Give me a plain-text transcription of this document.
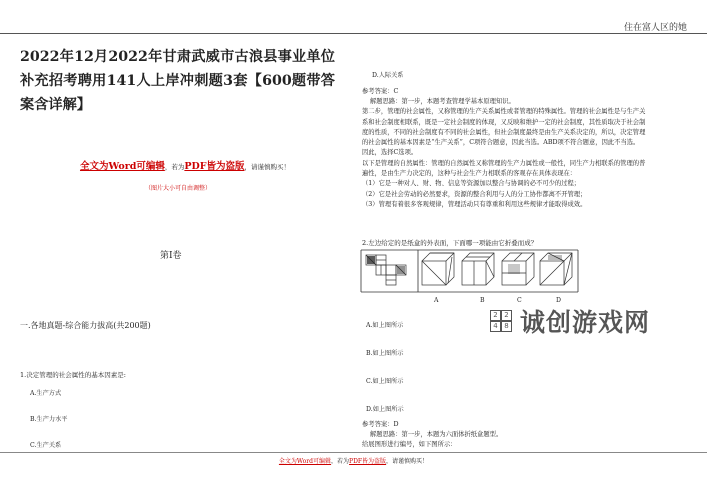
住在富人区的她
2022年12月2022年甘肃武威市古浪县事业单位补充招考聘用141人上岸冲刺题3套【600题带答案含详解】
全文为Word可编辑，若为PDF皆为盗版，请谨慎购买！
（图片大小可自由调整）
第I卷
一.各地真题-综合能力拔高(共200题)
1.决定管理的社会属性的基本因素是:
A.生产方式
B.生产力水平
C.生产关系
D.人际关系
参考答案：C
解题思路：第一步，本题考查管理学基本原理知识。
第二步，管理的社会属性，又称管理的生产关系属性或者管理的特殊属性。管理的社会属性是与生产关
系和社会制度相联系，既是一定社会制度的体现，又反映和维护一定的社会制度，其性质取决于社会制
度的性质，不同的社会制度有不同的社会属性，但社会制度最终是由生产关系决定的，所以，决定管理
的社会属性的基本因素是“生产关系”，C项符合题意，因此当选。ABD项不符合题意，因此不当选。
因此，选择C选项。
以下是管理的自然属性：管理的自然属性又称管理的生产力属性或一般性，同生产力相联系的管理的普
遍性，是由生产力决定的，这种与社会生产力相联系的客观存在具体表现在：
（1）它是一种对人、财、物、信息等资源加以整合与协调的必不可少的过程；
（2）它是社会劳动的必然要求，资源的整合利用与人的分工协作都离不开管理；
（3）管理有着很多客观规律，管理活动只有尊重和利用这些规律才能取得成效。
2.左边给定的是纸盒的外表面，下面哪一项能由它折叠而成？
A	B	C	D
A.如上图所示
B.如上图所示
C.如上图所示
D.如上图所示
参考答案：D
解题思路：第一步，本题为六面体折纸盒题型。
给展图形进行编号，如下图所示：
2 2
4 8 诚创游戏网
全文为Word可编辑，若为PDF皆为盗版，请谨慎购买！
